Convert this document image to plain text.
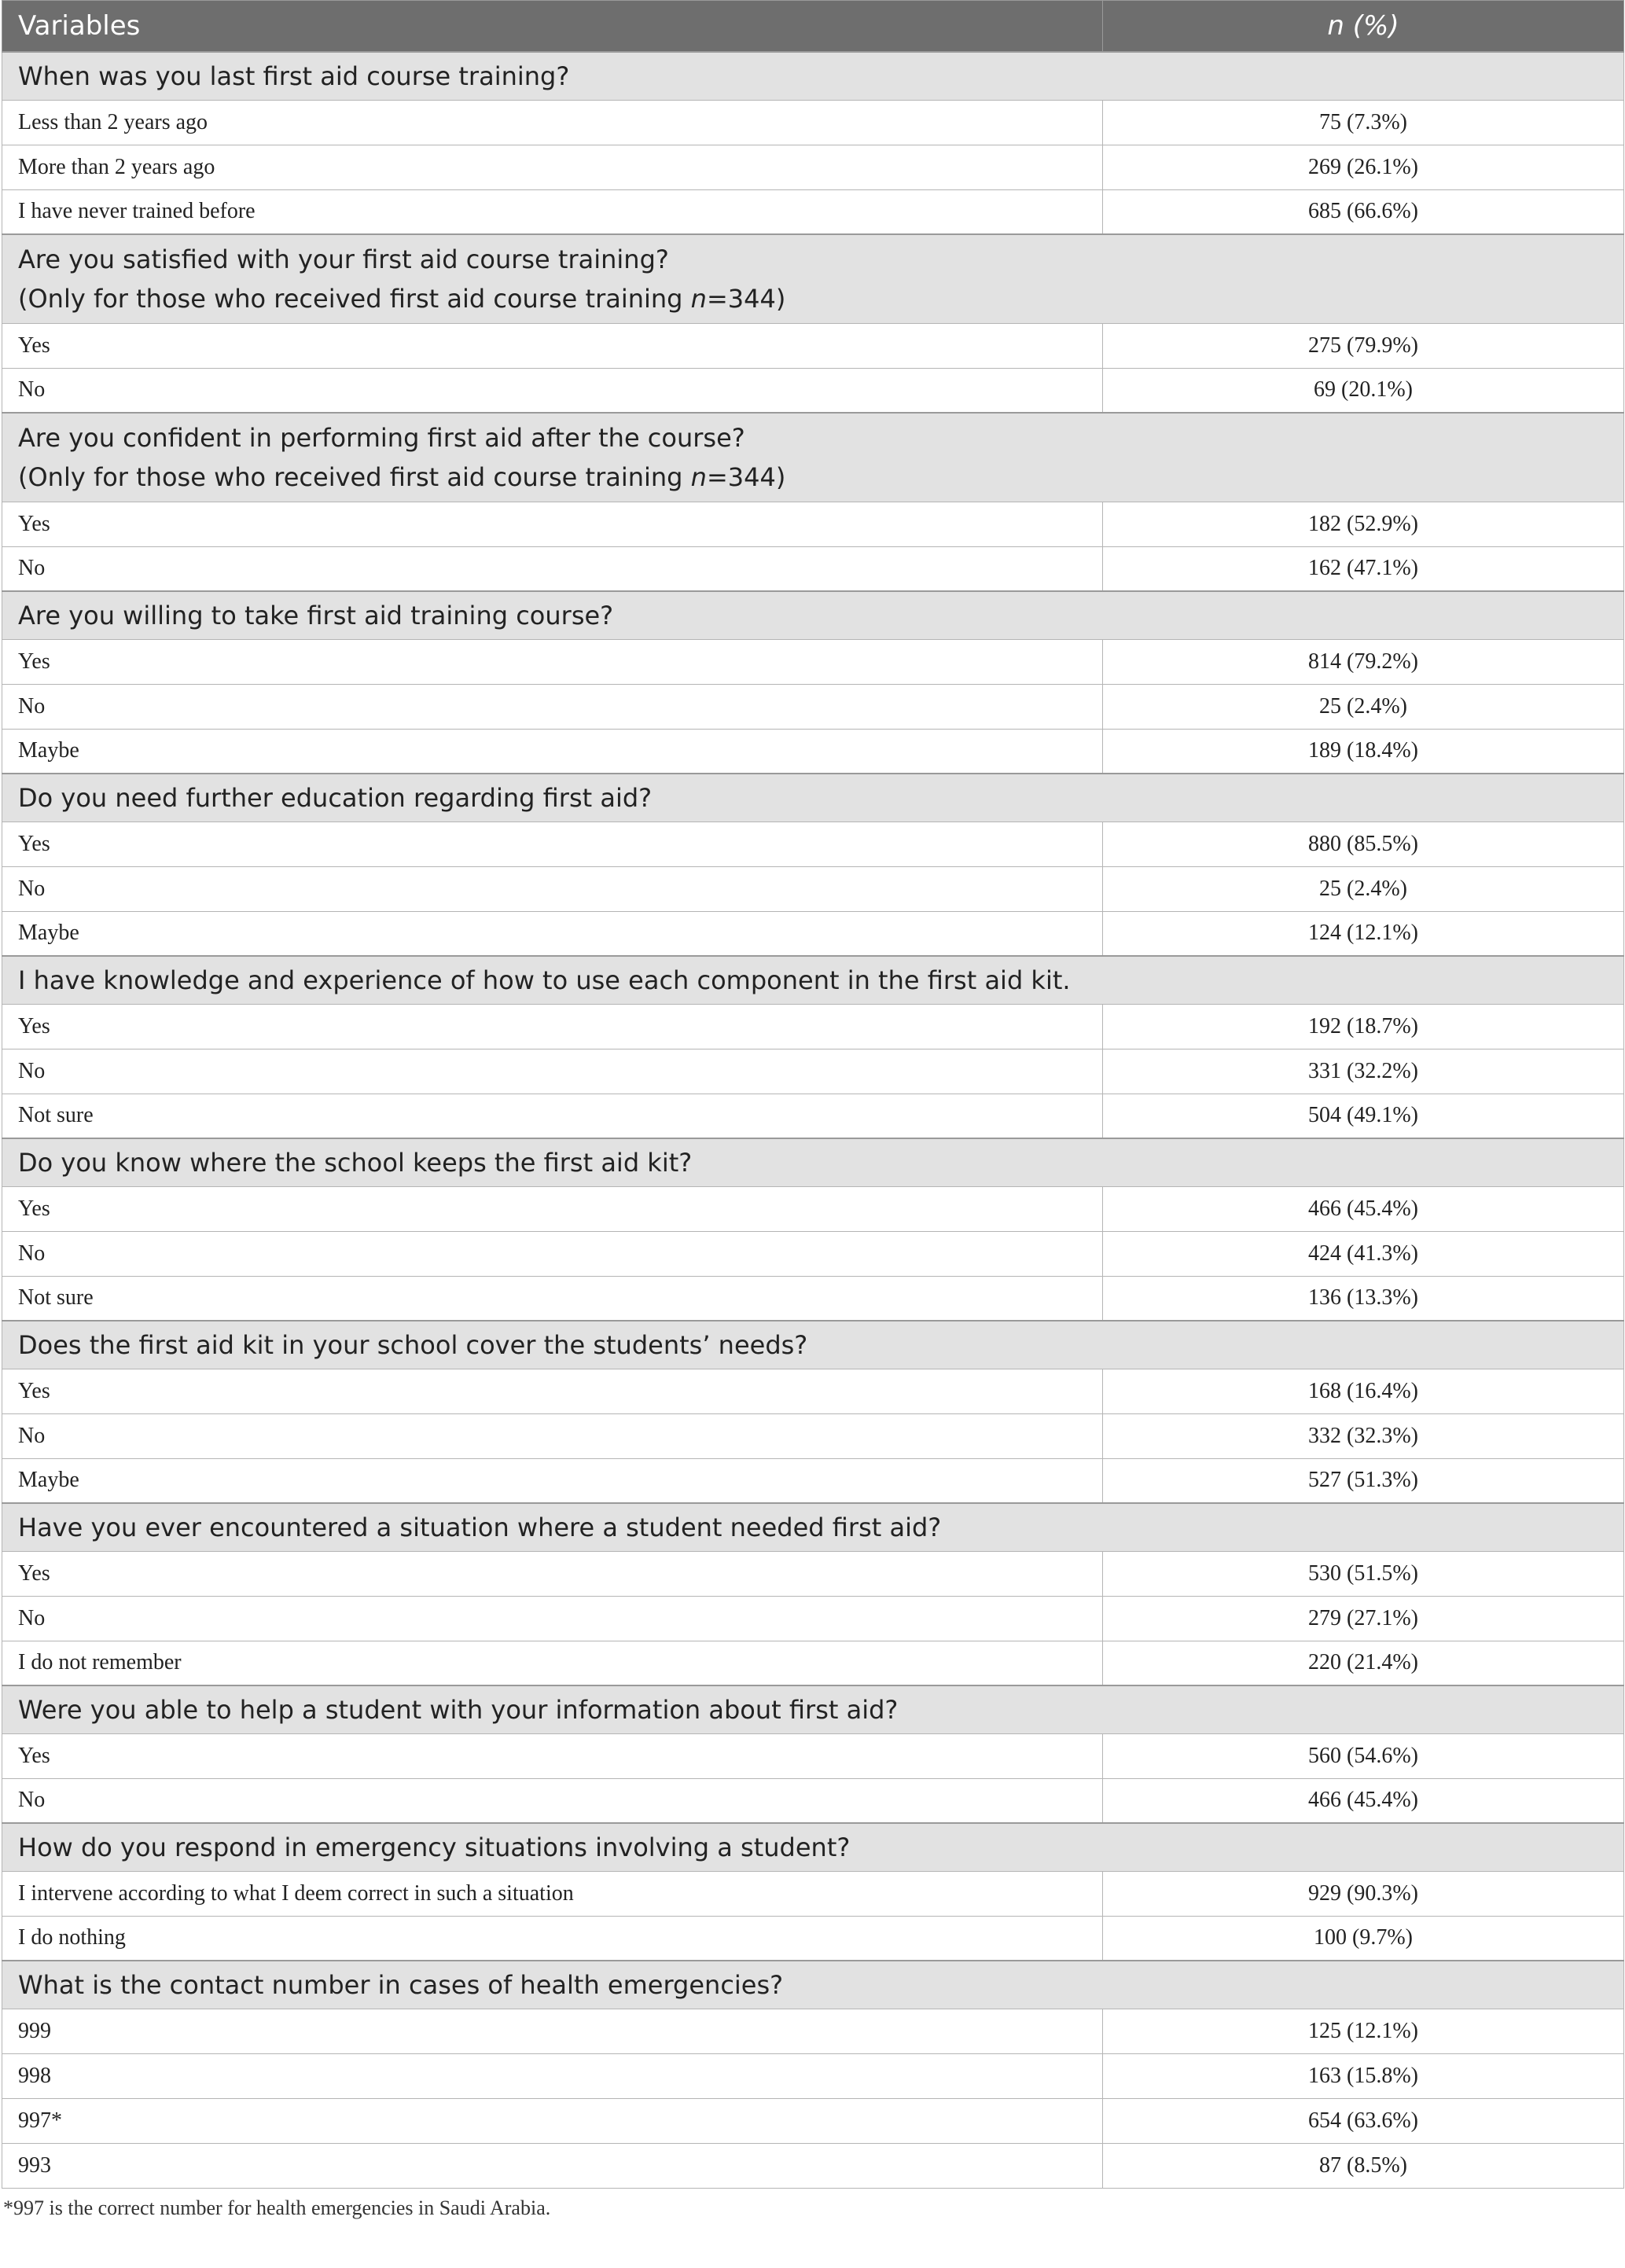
Variables	n (%)
When was you last first aid course training?	
Less than 2 years ago	75 (7.3%)
More than 2 years ago	269 (26.1%)
I have never trained before	685 (66.6%)
Are you satisfied with your first aid course training?
(Only for those who received first aid course training n=344)	
Yes	275 (79.9%)
No	69 (20.1%)
Are you confident in performing first aid after the course?
(Only for those who received first aid course training n=344)	
Yes	182 (52.9%)
No	162 (47.1%)
Are you willing to take first aid training course?	
Yes	814 (79.2%)
No	25 (2.4%)
Maybe	189 (18.4%)
Do you need further education regarding first aid?	
Yes	880 (85.5%)
No	25 (2.4%)
Maybe	124 (12.1%)
I have knowledge and experience of how to use each component in the first aid kit.	
Yes	192 (18.7%)
No	331 (32.2%)
Not sure	504 (49.1%)
Do you know where the school keeps the first aid kit?	
Yes	466 (45.4%)
No	424 (41.3%)
Not sure	136 (13.3%)
Does the first aid kit in your school cover the students’ needs?	
Yes	168 (16.4%)
No	332 (32.3%)
Maybe	527 (51.3%)
Have you ever encountered a situation where a student needed first aid?	
Yes	530 (51.5%)
No	279 (27.1%)
I do not remember	220 (21.4%)
Were you able to help a student with your information about first aid?	
Yes	560 (54.6%)
No	466 (45.4%)
How do you respond in emergency situations involving a student?	
I intervene according to what I deem correct in such a situation	929 (90.3%)
I do nothing	100 (9.7%)
What is the contact number in cases of health emergencies?	
999	125 (12.1%)
998	163 (15.8%)
997*	654 (63.6%)
993	87 (8.5%)
*997 is the correct number for health emergencies in Saudi Arabia.
